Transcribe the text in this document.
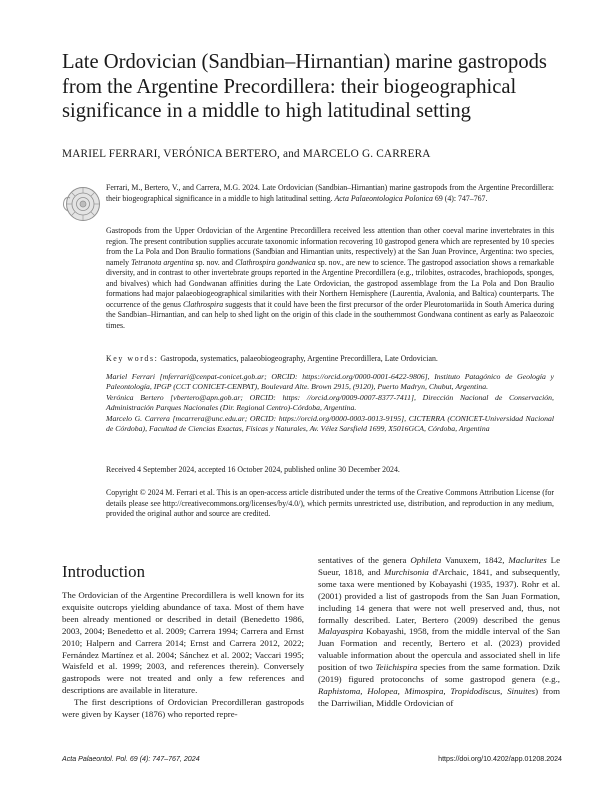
Late Ordovician (Sandbian–Hirnantian) marine gastropods from the Argentine Precordillera: their biogeographical significance in a middle to high latitudinal setting
MARIEL FERRARI, VERÓNICA BERTERO, and MARCELO G. CARRERA
Ferrari, M., Bertero, V., and Carrera, M.G. 2024. Late Ordovician (Sandbian–Hirnantian) marine gastropods from the Argentine Precordillera: their biogeographical significance in a middle to high latitudinal setting. Acta Palaeontologica Polonica 69 (4): 747–767.
Gastropods from the Upper Ordovician of the Argentine Precordillera received less attention than other coeval marine invertebrates in this region. The present contribution supplies accurate taxonomic information recovering 10 gastropod genera which are represented by 10 species from the La Pola and Don Braulio formations (Sandbian and Hirnantian units, respectively) at the San Juan Province, Argentina: two species, namely Tetranota argentina sp. nov. and Clathrospira gondwanica sp. nov., are new to science. The gastropod association shows a remarkable diversity, and in contrast to other invertebrate groups reported in the Argentine Precordillera (e.g., trilobites, ostracodes, brachiopods, sponges, and bivalves) which had Gondwanan affinities during the Late Ordovician, the gastropod assemblage from the La Pola and Don Braulio formations had major palaeobiogeographical similarities with their Northern Hemisphere (Laurentia, Avalonia, and Baltica) counterparts. The occurrence of the genus Clathrospira suggests that it could have been the first precursor of the order Pleurotomariida in South America during the Sandbian–Hirnantian, and can help to shed light on the origin of this clade in the southernmost Gondwana continent as early as Palaeozoic times.
Key words: Gastropoda, systematics, palaeobiogeography, Argentine Precordillera, Late Ordovician.

Mariel Ferrari [mferrari@cenpat-conicet.gob.ar; ORCID: https://orcid.org/0000-0001-6422-9806], Instituto Patagónico de Geología y Paleontología, IPGP (CCT CONICET-CENPAT), Boulevard Alte. Brown 2915, (9120), Puerto Madryn, Chubut, Argentina.

Verónica Bertero [vbertero@apn.gob.ar; ORCID: https: //orcid.org/0009-0007-8377-7411], Dirección Nacional de Conservación, Administración Parques Nacionales (Dir. Regional Centro)-Córdoba, Argentina.

Marcelo G. Carrera [mcarrera@unc.edu.ar; ORCID: https://orcid.org/0000-0003-0013-9195], CICTERRA (CONICET-Universidad Nacional de Córdoba), Facultad de Ciencias Exactas, Físicas y Naturales, Av. Vélez Sarsfield 1699, X5016GCA, Córdoba, Argentina

Received 4 September 2024, accepted 16 October 2024, published online 30 December 2024.
Copyright © 2024 M. Ferrari et al. This is an open-access article distributed under the terms of the Creative Commons Attribution License (for details please see http://creativecommons.org/licenses/by/4.0/), which permits unrestricted use, distribution, and reproduction in any medium, provided the original author and source are credited.
Introduction

The Ordovician of the Argentine Precordillera is well known for its exquisite outcrops yielding abundance of taxa. Most of them have been already mentioned or described in detail (Benedetto 1986, 2003, 2004; Benedetto et al. 2009; Carrera 1994; Carrera and Ernst 2010; Halpern and Carrera 2014; Ernst and Carrera 2012, 2022; Fernández Martínez et al. 2004; Sánchez et al. 2002; Vaccari 1995; Waisfeld et al. 1999; 2003, and references therein). Conversely gastropods were not treated and only a few references and descriptions are available in literature.

The first descriptions of Ordovician Precordilleran gastropods were given by Kayser (1876) who reported repre-

sentatives of the genera Ophileta Vanuxem, 1842, Maclurites Le Sueur, 1818, and Murchisonia d'Archaic, 1841, and subsequently, some taxa were mentioned by Kobayashi (1935, 1937). Rohr et al. (2001) provided a list of gastropods from the San Juan Formation, including 14 genera that were not well preserved and, thus, not formally described. Later, Bertero (2009) described the genus Malayaspira Kobayashi, 1958, from the middle interval of the San Juan Formation and recently, Bertero et al. (2023) provided valuable information about the opercula and associated shell in life position of two Teiichispira species from the same formation. Dzik (2019) figured protoconchs of some gastropod genera (e.g., Raphistoma, Holopea, Mimospira, Tropidodiscus, Sinuites) from the Darriwilian, Middle Ordovician of

Acta Palaeontol. Pol. 69 (4): 747–767, 2024	https://doi.org/10.4202/app.01208.2024
